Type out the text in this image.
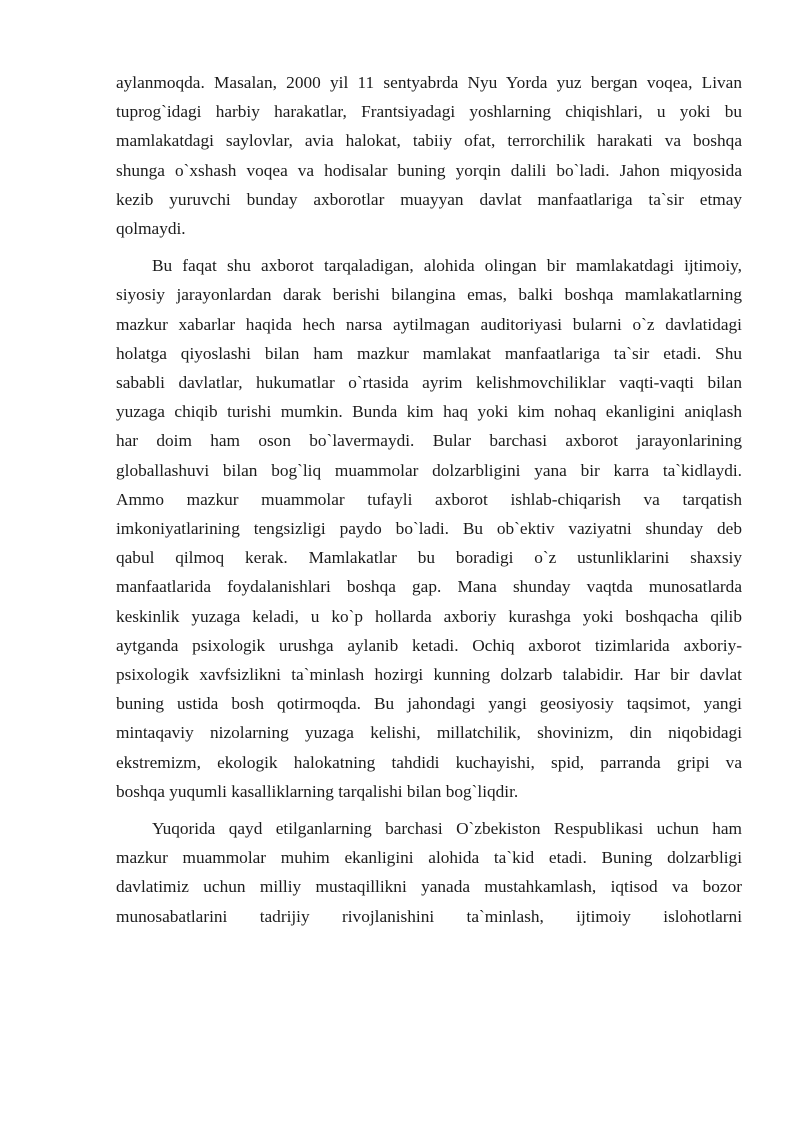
aylanmoqda. Masalan, 2000 yil 11 sentyabrda Nyu Yorda yuz bergan voqea, Livan
tuprog`idagi harbiy harakatlar, Frantsiyadagi yoshlarning chiqishlari, u yoki bu
mamlakatdagi saylovlar, avia halokat, tabiiy ofat, terrorchilik harakati va boshqa
shunga o`xshash voqea va hodisalar buning yorqin dalili bo`ladi. Jahon miqyosida
kezib yuruvchi bunday axborotlar muayyan davlat manfaatlariga ta`sir etmay
qolmaydi.
Bu faqat shu axborot tarqaladigan, alohida olingan bir mamlakatdagi ijtimoiy,
siyosiy jarayonlardan darak berishi bilangina emas, balki boshqa mamlakatlarning
mazkur xabarlar haqida hech narsa aytilmagan auditoriyasi bularni o`z davlatidagi
holatga qiyoslashi bilan ham mazkur mamlakat manfaatlariga ta`sir etadi. Shu
sababli davlatlar, hukumatlar o`rtasida ayrim kelishmovchiliklar vaqti-vaqti bilan
yuzaga chiqib turishi mumkin. Bunda kim haq yoki kim nohaq ekanligini aniqlash
har doim ham oson bo`lavermaydi. Bular barchasi axborot jarayonlarining
globallashuvi bilan bog`liq muammolar dolzarbligini yana bir karra ta`kidlaydi.
Ammo mazkur muammolar tufayli axborot ishlab-chiqarish va tarqatish
imkoniyatlarining tengsizligi paydo bo`ladi. Bu ob`ektiv vaziyatni shunday deb
qabul qilmoq kerak. Mamlakatlar bu boradigi o`z ustunliklarini shaxsiy
manfaatlarida foydalanishlari boshqa gap. Mana shunday vaqtda munosatlarda
keskinlik yuzaga keladi, u ko`p hollarda axboriy kurashga yoki boshqacha qilib
aytganda psixologik urushga aylanib ketadi. Ochiq axborot tizimlarida axboriy-
psixologik xavfsizlikni ta`minlash hozirgi kunning dolzarb talabidir. Har bir davlat
buning ustida bosh qotirmoqda. Bu jahondagi yangi geosiyosiy taqsimot, yangi
mintaqaviy nizolarning yuzaga kelishi, millatchilik, shovinizm, din niqobidagi
ekstremizm, ekologik halokatning tahdidi kuchayishi, spid, parranda gripi va
boshqa yuqumli kasalliklarning tarqalishi bilan bog`liqdir.
Yuqorida qayd etilganlarning barchasi O`zbekiston Respublikasi uchun ham
mazkur muammolar muhim ekanligini alohida ta`kid etadi. Buning dolzarbligi
davlatimiz uchun milliy mustaqillikni yanada mustahkamlash, iqtisod va bozor
munosabatlarini tadrijiy rivojlanishini ta`minlash, ijtimoiy islohotlarni
